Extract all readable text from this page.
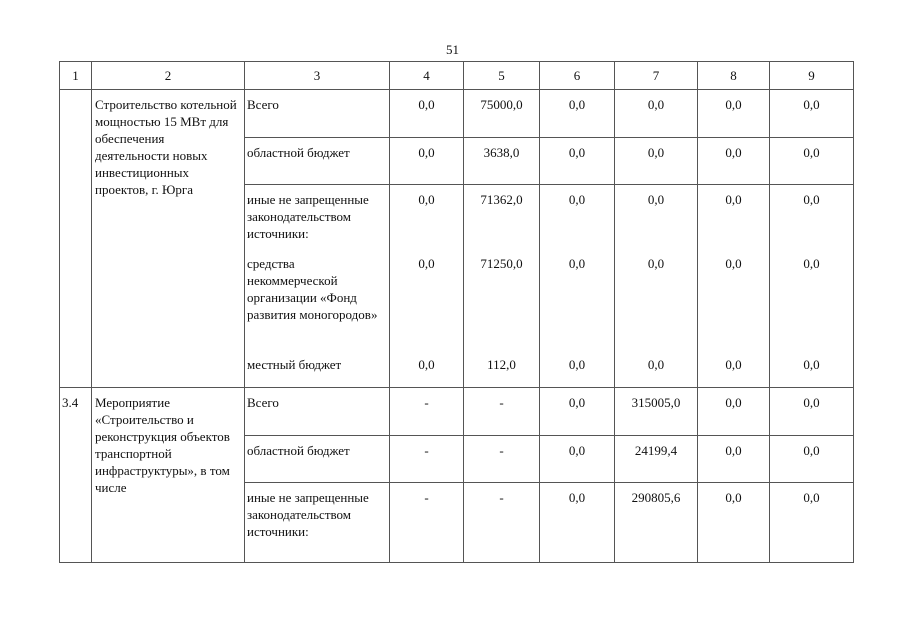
51
1	2	3	4	5	6	7	8	9
	Строительство котельной мощностью 15 МВт для обеспечения деятельности новых инвестиционных проектов, г. Юрга	Всего	0,0	75000,0	0,0	0,0	0,0	0,0
		областной бюджет	0,0	3638,0	0,0	0,0	0,0	0,0
		иные не запрещенные законодательством источники:	0,0	71362,0	0,0	0,0	0,0	0,0
		средства некоммерческой организации «Фонд развития моногородов»	0,0	71250,0	0,0	0,0	0,0	0,0
		местный бюджет	0,0	112,0	0,0	0,0	0,0	0,0
3.4	Мероприятие «Строительство и реконструкция объектов транспортной инфраструктуры», в том числе	Всего	-	-	0,0	315005,0	0,0	0,0
		областной бюджет	-	-	0,0	24199,4	0,0	0,0
		иные не запрещенные законодательством источники:	-	-	0,0	290805,6	0,0	0,0
